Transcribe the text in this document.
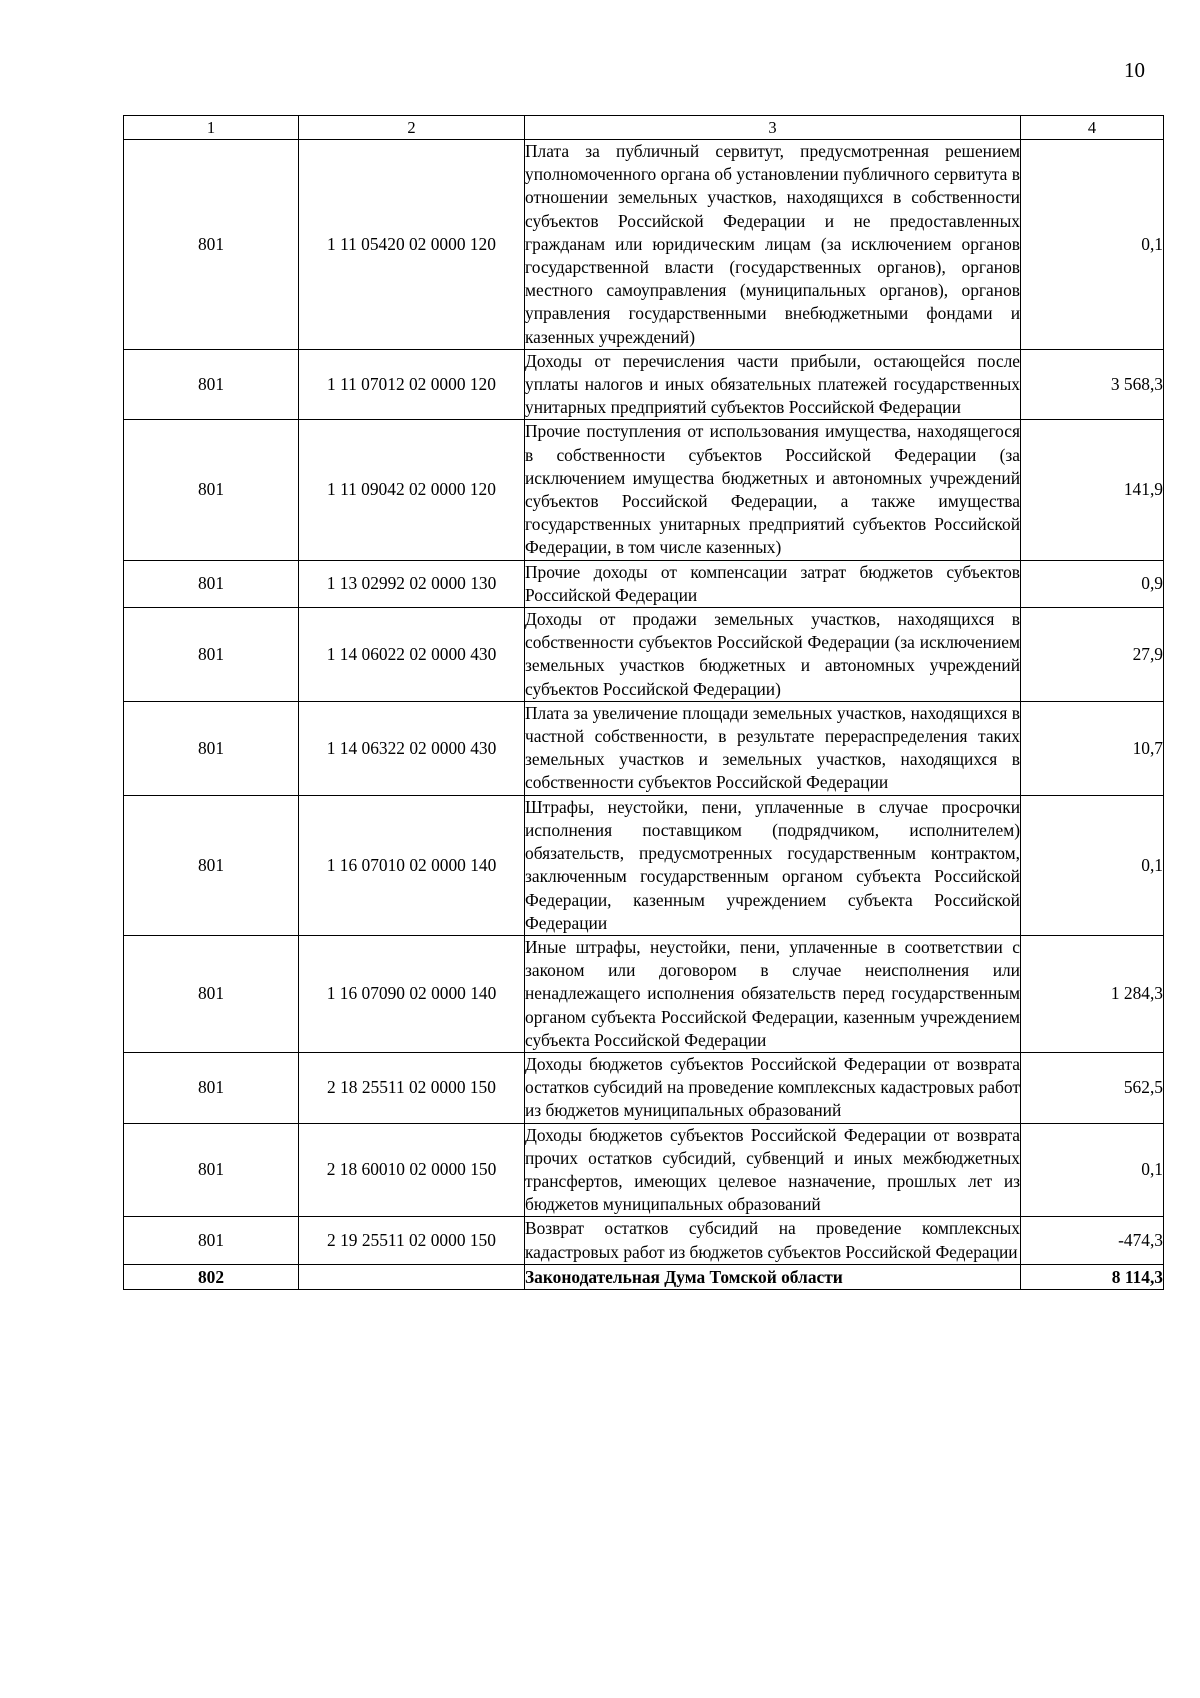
10
1	2	3	4
801	1 11 05420 02 0000 120	Плата за публичный сервитут, предусмотренная решением уполномоченного органа об установлении публичного сервитута в отношении земельных участков, находящихся в собственности субъектов Российской Федерации и не предоставленных гражданам или юридическим лицам (за исключением органов государственной власти (государственных органов), органов местного самоуправления (муниципальных органов), органов управления государственными внебюджетными фондами и казенных учреждений)	0,1
801	1 11 07012 02 0000 120	Доходы от перечисления части прибыли, остающейся после уплаты налогов и иных обязательных платежей государственных унитарных предприятий субъектов Российской Федерации	3 568,3
801	1 11 09042 02 0000 120	Прочие поступления от использования имущества, находящегося в собственности субъектов Российской Федерации (за исключением имущества бюджетных и автономных учреждений субъектов Российской Федерации, а также имущества государственных унитарных предприятий субъектов Российской Федерации, в том числе казенных)	141,9
801	1 13 02992 02 0000 130	Прочие доходы от компенсации затрат бюджетов субъектов Российской Федерации	0,9
801	1 14 06022 02 0000 430	Доходы от продажи земельных участков, находящихся в собственности субъектов Российской Федерации (за исключением земельных участков бюджетных и автономных учреждений субъектов Российской Федерации)	27,9
801	1 14 06322 02 0000 430	Плата за увеличение площади земельных участков, находящихся в частной собственности, в результате перераспределения таких земельных участков и земельных участков, находящихся в собственности субъектов Российской Федерации	10,7
801	1 16 07010 02 0000 140	Штрафы, неустойки, пени, уплаченные в случае просрочки исполнения поставщиком (подрядчиком, исполнителем) обязательств, предусмотренных государственным контрактом, заключенным государственным органом субъекта Российской Федерации, казенным учреждением субъекта Российской Федерации	0,1
801	1 16 07090 02 0000 140	Иные штрафы, неустойки, пени, уплаченные в соответствии с законом или договором в случае неисполнения или ненадлежащего исполнения обязательств перед государственным органом субъекта Российской Федерации, казенным учреждением субъекта Российской Федерации	1 284,3
801	2 18 25511 02 0000 150	Доходы бюджетов субъектов Российской Федерации от возврата остатков субсидий на проведение комплексных кадастровых работ из бюджетов муниципальных образований	562,5
801	2 18 60010 02 0000 150	Доходы бюджетов субъектов Российской Федерации от возврата прочих остатков субсидий, субвенций и иных межбюджетных трансфертов, имеющих целевое назначение, прошлых лет из бюджетов муниципальных образований	0,1
801	2 19 25511 02 0000 150	Возврат остатков субсидий на проведение комплексных кадастровых работ из бюджетов субъектов Российской Федерации	-474,3
802		Законодательная Дума Томской области	8 114,3
